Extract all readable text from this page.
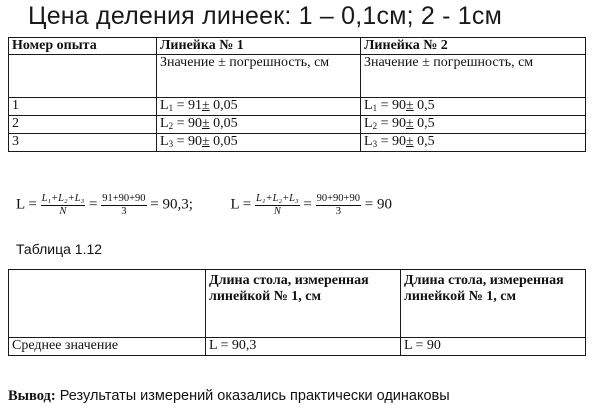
Цена деления линеек: 1 – 0,1см; 2 - 1см
Номер опыта	Линейка № 1	Линейка № 2
	Значение ± погрешность, см	Значение ± погрешность, см
1	$L_1 = 91\pm 0,05$	$L_1 = 90\pm 0,5$
2	$L_2 = 90\pm 0,05$	$L_2 = 90\pm 0,5$
3	$L_3 = 90\pm 0,05$	$L_3 = 90\pm 0,5$
$L = \frac{\text{L₁+L₂+L₃}}{N} = \frac{91+90+90}{3} = 90,3$;	$L = \frac{\text{L₁+L₂+L₃}}{N} = \frac{90+90+90}{3} = 90$
Таблица 1.12
	Длина стола, измеренная линейкой № 1, см	Длина стола, измеренная линейкой № 1, см
Среднее значение	L = 90,3	L = 90
Вывод: Результаты измерений оказались практически одинаковы
